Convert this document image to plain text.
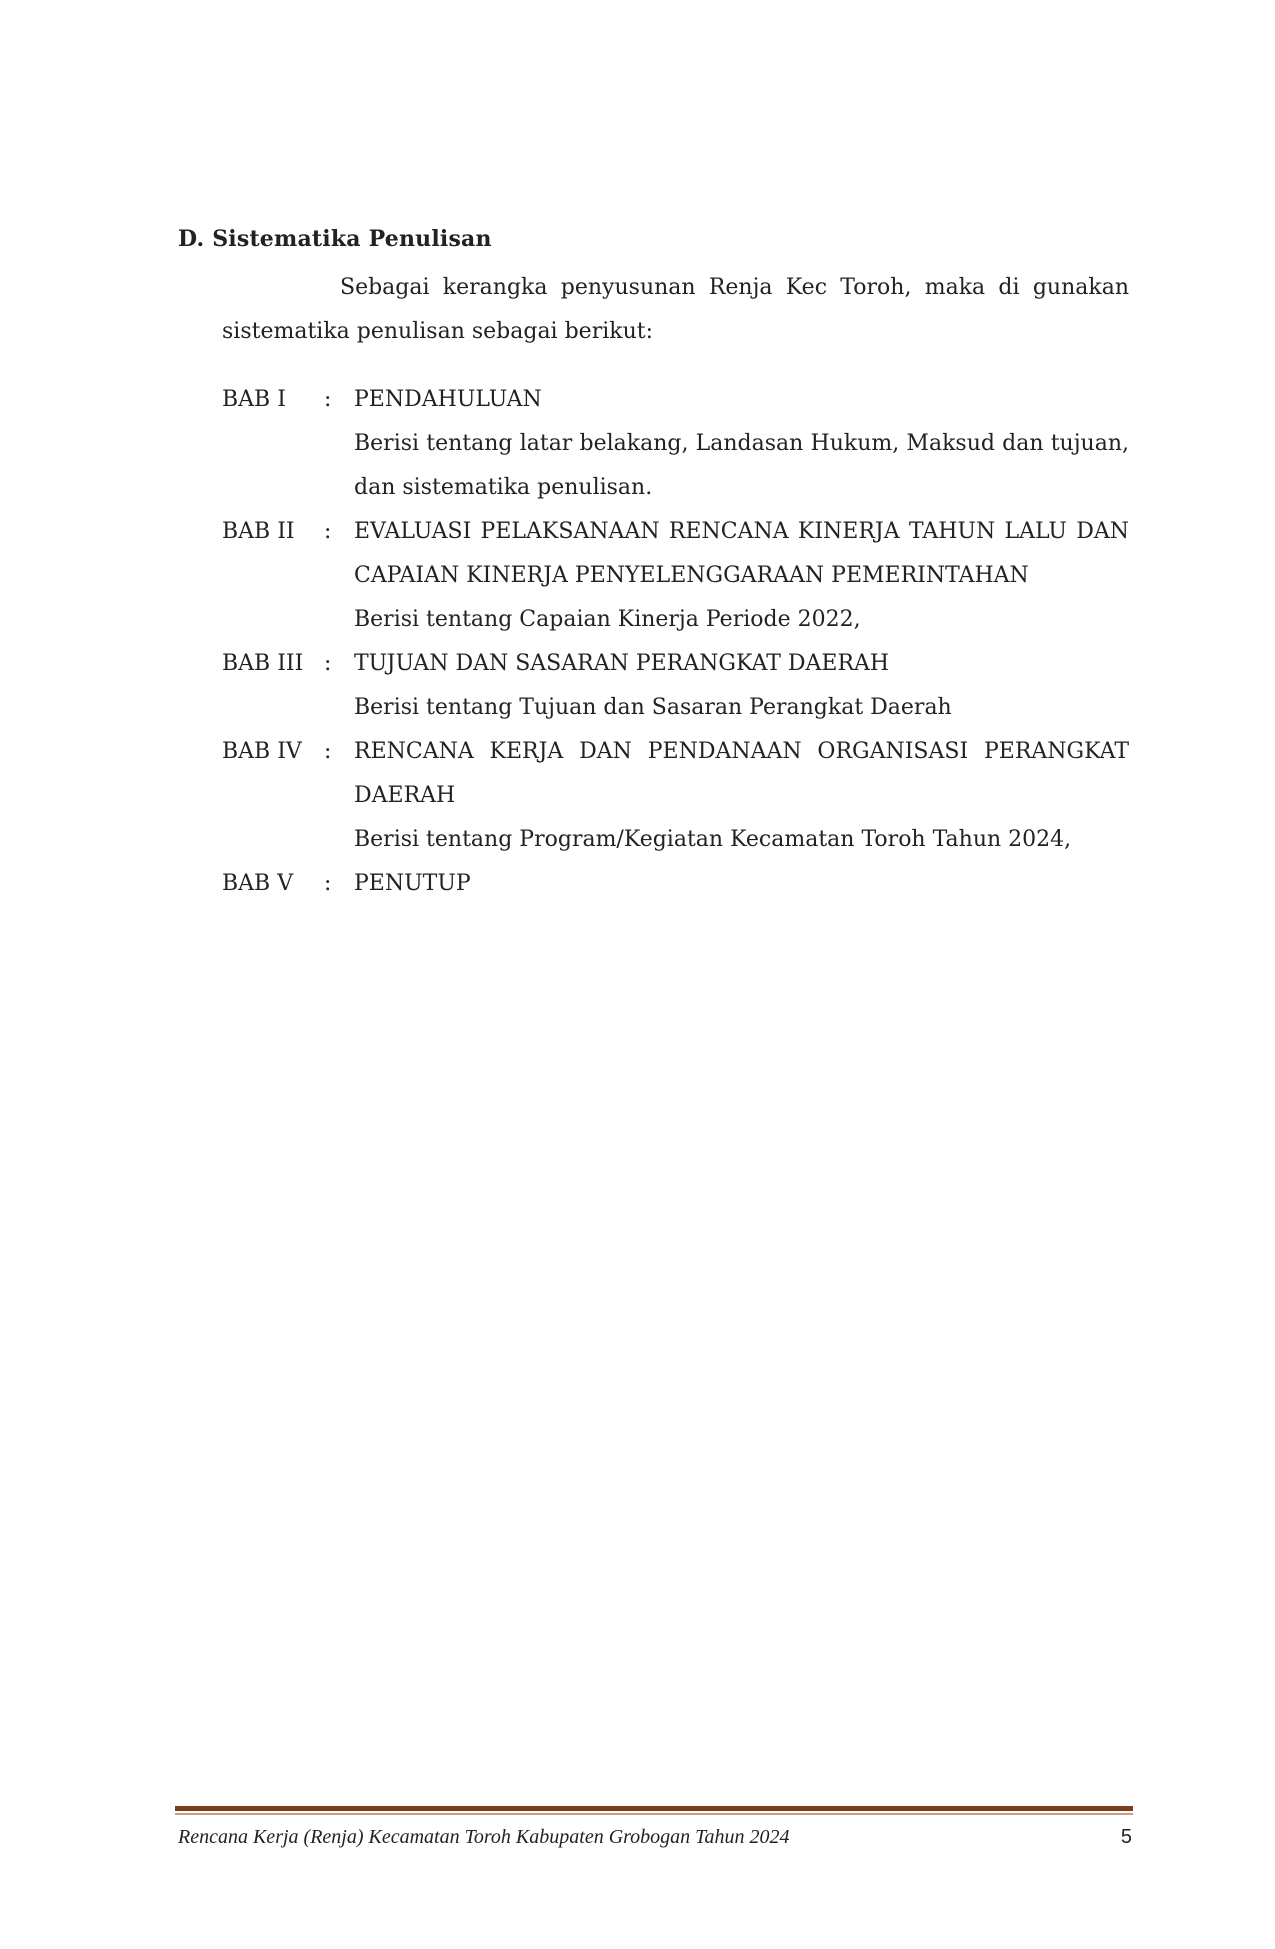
D. Sistematika Penulisan

Sebagai kerangka penyusunan Renja Kec Toroh, maka di gunakan sistematika penulisan sebagai berikut:

BAB I	:	PENDAHULUAN

Berisi tentang latar belakang, Landasan Hukum, Maksud dan tujuan, dan sistematika penulisan.

BAB II	:	EVALUASI PELAKSANAAN RENCANA KINERJA TAHUN LALU DAN CAPAIAN KINERJA PENYELENGGARAAN PEMERINTAHAN

Berisi tentang Capaian Kinerja Periode 2022,

BAB III :	TUJUAN DAN SASARAN PERANGKAT DAERAH

Berisi tentang Tujuan dan Sasaran Perangkat Daerah

BAB IV	:	RENCANA KERJA DAN PENDANAAN ORGANISASI PERANGKAT DAERAH

Berisi tentang Program/Kegiatan Kecamatan Toroh Tahun 2024,

BAB V	:	PENUTUP

Rencana Kerja (Renja) Kecamatan Toroh Kabupaten Grobogan Tahun 2024	5
